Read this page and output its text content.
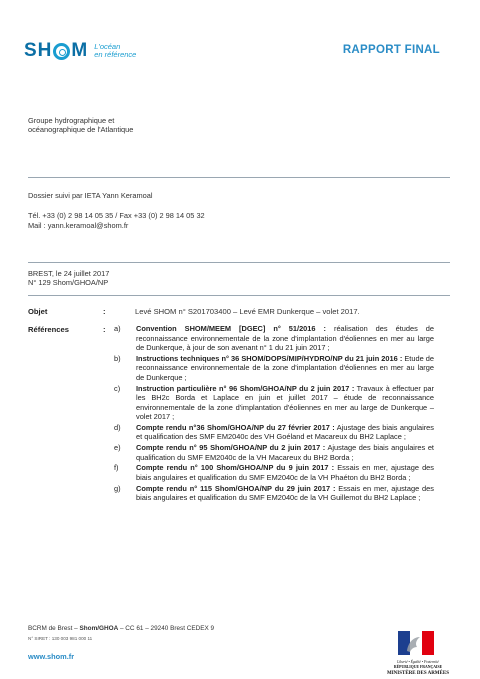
SH M L'océan
en référence	RAPPORT FINAL
Groupe hydrographique et
océanographique de l'Atlantique
Dossier suivi par IETA Yann Keramoal
Tél. +33 (0) 2 98 14 05 35 / Fax +33 (0) 2 98 14 05 32
Mail : yann.keramoal@shom.fr
BREST, le 24 juillet 2017
N° 129 Shom/GHOA/NP
Objet	:	Levé SHOM n° S201703400 – Levé EMR Dunkerque – volet 2017.
Références	: a)	Convention SHOM/MEEM [DGEC] n° 51/2016 : réalisation des études de reconnaissance environnementale de la zone d'implantation d'éoliennes en mer au large de Dunkerque, à jour de son avenant n° 1 du 21 juin 2017 ;
b)	Instructions techniques n° 36 SHOM/DOPS/MIP/HYDRO/NP du 21 juin 2016 : Etude de reconnaissance environnementale de la zone d'implantation d'éoliennes en mer au large de Dunkerque ;
c)	Instruction particulière n° 96 Shom/GHOA/NP du 2 juin 2017 : Travaux à effectuer par les BH2c Borda et Laplace en juin et juillet 2017 – étude de reconnaissance environnementale de la zone d'implantation d'éoliennes en mer au large de Dunkerque – volet 2017 ;
d)	Compte rendu n°36 Shom/GHOA/NP du 27 février 2017 : Ajustage des biais angulaires et qualification des SMF EM2040c des VH Goéland et Macareux du BH2 Laplace ;
e)	Compte rendu n° 95 Shom/GHOA/NP du 2 juin 2017 : Ajustage des biais angulaires et qualification du SMF EM2040c de la VH Macareux du BH2 Borda ;
f)	Compte rendu n° 100 Shom/GHOA/NP du 9 juin 2017 : Essais en mer, ajustage des biais angulaires et qualification du SMF EM2040c de la VH Phaéton du BH2 Borda ;
g)	Compte rendu n° 115 Shom/GHOA/NP du 29 juin 2017 : Essais en mer, ajustage des biais angulaires et qualification du SMF EM2040c de la VH Guillemot du BH2 Laplace ;
BCRM de Brest – Shom/GHOA – CC 61 – 29240 Brest CEDEX 9
N° SIRET : 130 003 981 000 11
www.shom.fr
Liberté • Égalité • Fraternité
RÉPUBLIQUE FRANÇAISE
MINISTÈRE DES ARMÉES
